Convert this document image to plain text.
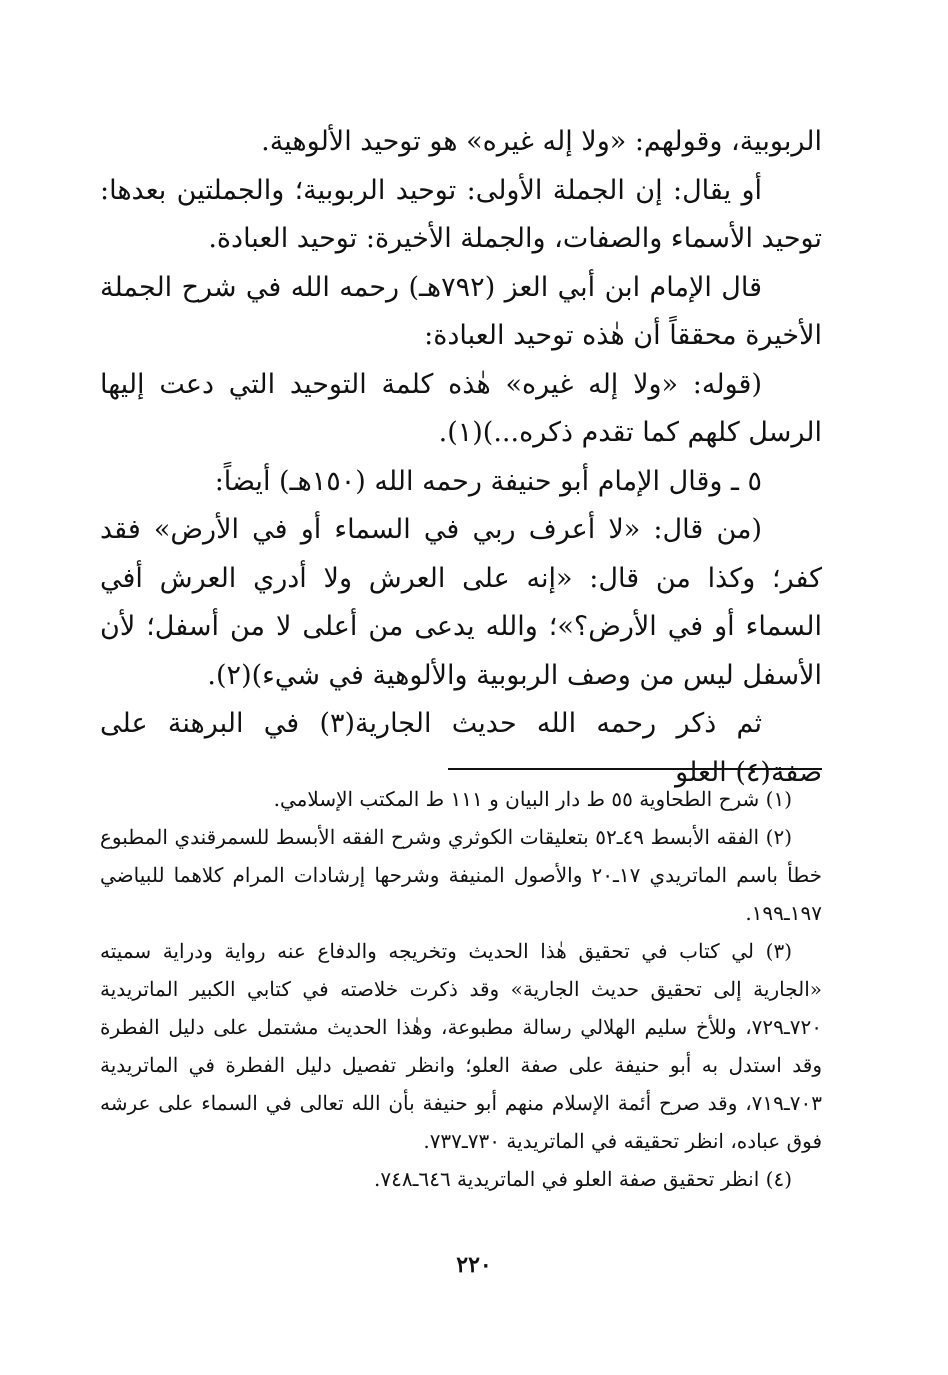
الربوبية، وقولهم: «ولا إله غيره» هو توحيد الألوهية.

أو يقال: إن الجملة الأولى: توحيد الربوبية؛ والجملتين بعدها: توحيد الأسماء والصفات، والجملة الأخيرة: توحيد العبادة.

قال الإمام ابن أبي العز (٧٩٢هـ) رحمه الله في شرح الجملة الأخيرة محققاً أن هٰذه توحيد العبادة:

(قوله: «ولا إله غيره» هٰذه كلمة التوحيد التي دعت إليها الرسل كلهم كما تقدم ذكره...)(١).

٥ ـ وقال الإمام أبو حنيفة رحمه الله (١٥٠هـ) أيضاً:

(من قال: «لا أعرف ربي في السماء أو في الأرض» فقد كفر؛ وكذا من قال: «إنه على العرش ولا أدري العرش أفي السماء أو في الأرض؟»؛ والله يدعى من أعلى لا من أسفل؛ لأن الأسفل ليس من وصف الربوبية والألوهية في شيء)(٢).

ثم ذكر رحمه الله حديث الجارية(٣) في البرهنة على صفة(٤) العلو

(١) شرح الطحاوية ٥٥ ط دار البيان و ١١١ ط المكتب الإسلامي.

(٢) الفقه الأبسط ٤٩ـ٥٢ بتعليقات الكوثري وشرح الفقه الأبسط للسمرقندي المطبوع خطأ باسم الماتريدي ١٧ـ٢٠ والأصول المنيفة وشرحها إرشادات المرام كلاهما للبياضي ١٩٧ـ١٩٩.

(٣) لي كتاب في تحقيق هٰذا الحديث وتخريجه والدفاع عنه رواية ودراية سميته «الجارية إلى تحقيق حديث الجارية» وقد ذكرت خلاصته في كتابي الكبير الماتريدية ٧٢٠ـ٧٢٩، وللأخ سليم الهلالي رسالة مطبوعة، وهٰذا الحديث مشتمل على دليل الفطرة وقد استدل به أبو حنيفة على صفة العلو؛ وانظر تفصيل دليل الفطرة في الماتريدية ٧٠٣ـ٧١٩، وقد صرح أئمة الإسلام منهم أبو حنيفة بأن الله تعالى في السماء على عرشه فوق عباده، انظر تحقيقه في الماتريدية ٧٣٠ـ٧٣٧.

(٤) انظر تحقيق صفة العلو في الماتريدية ٦٤٦ـ٧٤٨.

٢٢٠
